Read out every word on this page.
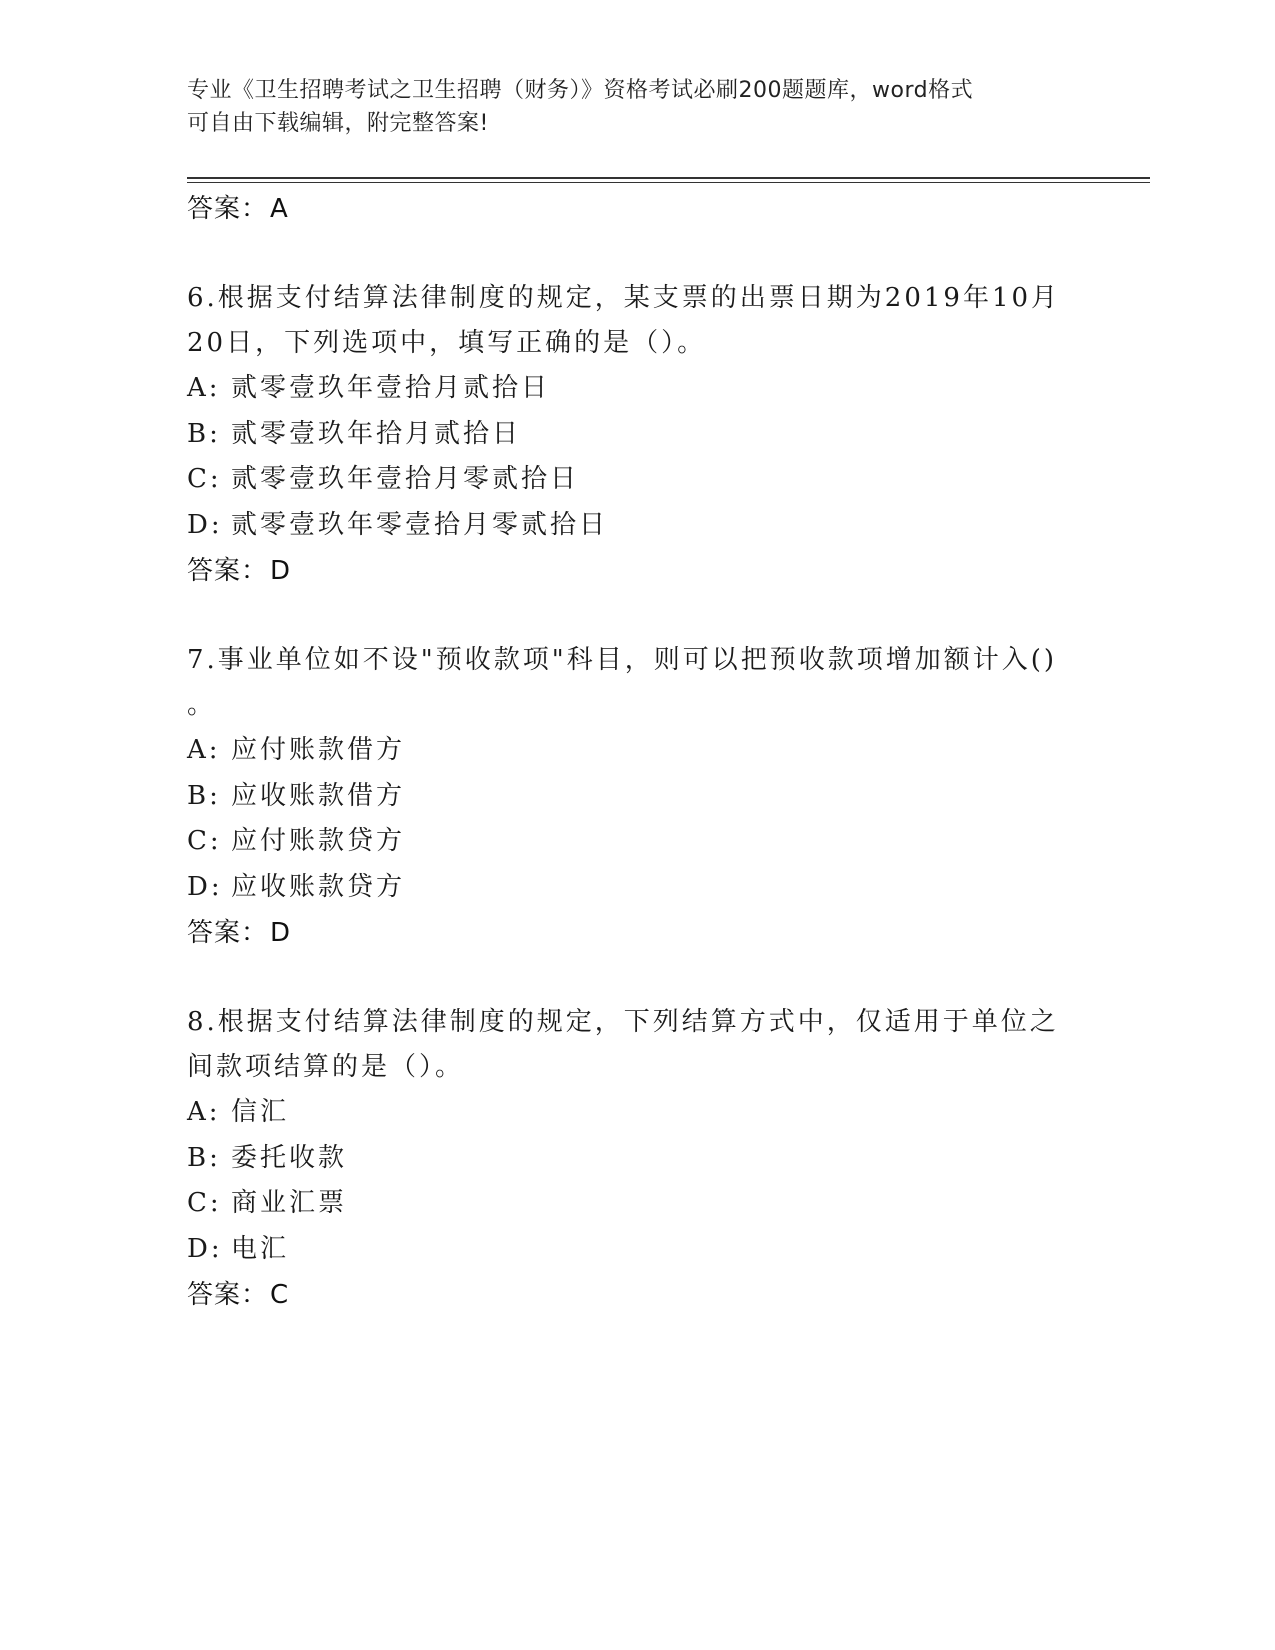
专业《卫生招聘考试之卫生招聘（财务）》资格考试必刷200题题库，word格式
可自由下载编辑，附完整答案!
答案：A
6.根据支付结算法律制度的规定，某支票的出票日期为2019年10月
20日，下列选项中，填写正确的是（）。
A: 贰零壹玖年壹拾月贰拾日
B: 贰零壹玖年拾月贰拾日
C: 贰零壹玖年壹拾月零贰拾日
D: 贰零壹玖年零壹拾月零贰拾日
答案：D
7.事业单位如不设"预收款项"科目，则可以把预收款项增加额计入()
。
A: 应付账款借方
B: 应收账款借方
C: 应付账款贷方
D: 应收账款贷方
答案：D
8.根据支付结算法律制度的规定，下列结算方式中，仅适用于单位之
间款项结算的是（）。
A: 信汇
B: 委托收款
C: 商业汇票
D: 电汇
答案：C
